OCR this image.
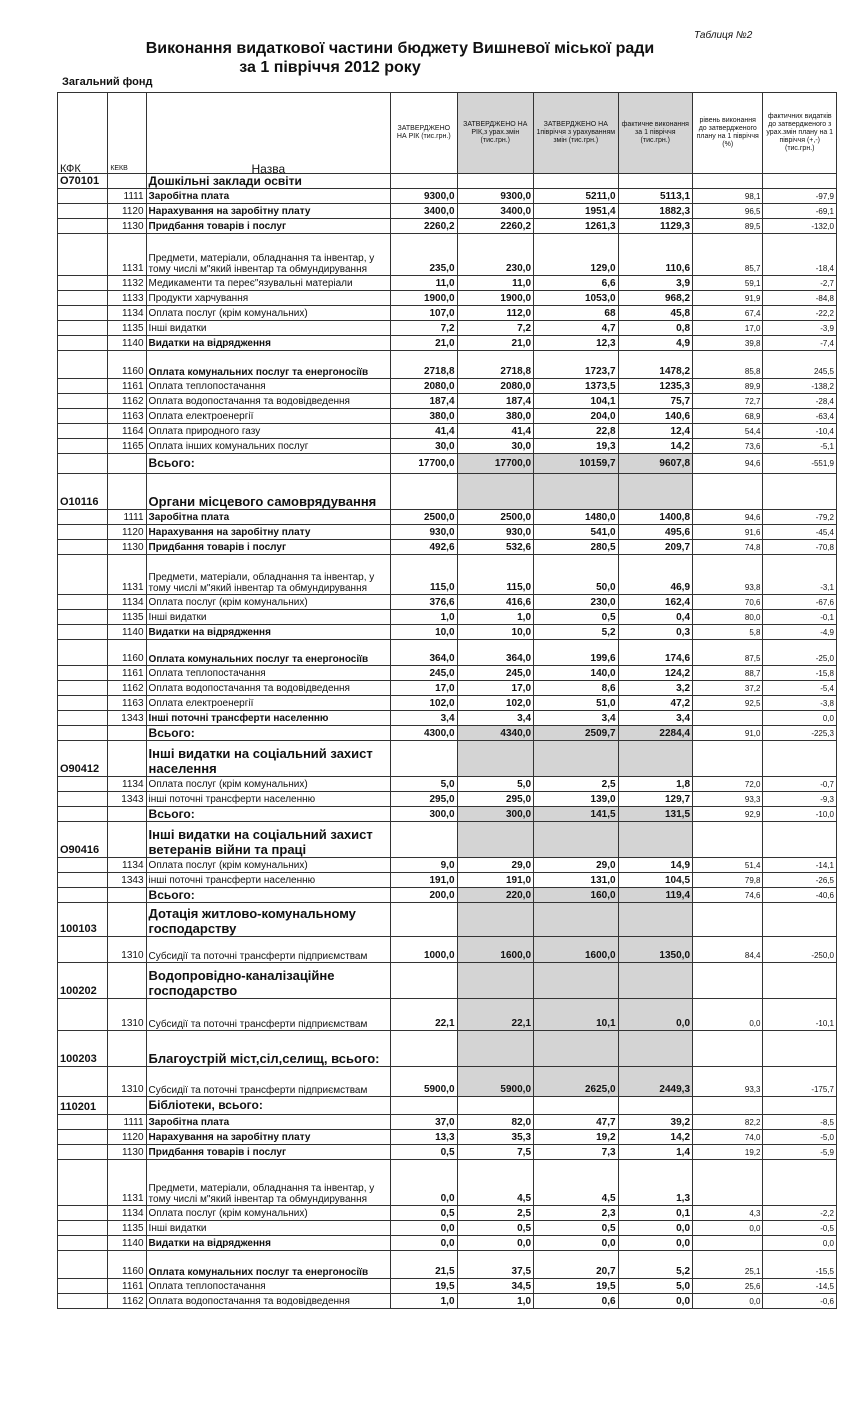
Таблиця №2
Виконання видаткової частини бюджету Вишневої міської ради
за 1 півріччя 2012 року
Загальний фонд
КФК	КЕКВ	Назва	ЗАТВЕРДЖЕНО НА РІК (тис.грн.)	ЗАТВЕРДЖЕНО НА РІК,з урах.змін (тис.грн.)	ЗАТВЕРДЖЕНО НА 1півріччя з урахуванням змін (тис.грн.)	фактичне виконання за 1 півріччя (тис.грн.)	рівень виконання до затвердженого плану на 1 півріччя (%)	фактичних видатків до затвердженого з урах.змін плану на 1 півріччя (+,-) (тис.грн.)
О70101		Дошкільні заклади освіти						
	1111	Заробітна плата	9300,0	9300,0	5211,0	5113,1	98,1	-97,9
	1120	Нарахування на заробітну плату	3400,0	3400,0	1951,4	1882,3	96,5	-69,1
	1130	Придбання товарів і послуг	2260,2	2260,2	1261,3	1129,3	89,5	-132,0
	1131	Предмети, матеріали, обладнання та інвентар, у тому числі м"який інвентар та обмундирування	235,0	230,0	129,0	110,6	85,7	-18,4
	1132	Медикаменти та переє"язувальні матеріали	11,0	11,0	6,6	3,9	59,1	-2,7
	1133	Продукти харчування	1900,0	1900,0	1053,0	968,2	91,9	-84,8
	1134	Оплата послуг (крім комунальних)	107,0	112,0	68	45,8	67,4	-22,2
	1135	Інші видатки	7,2	7,2	4,7	0,8	17,0	-3,9
	1140	Видатки на відрядження	21,0	21,0	12,3	4,9	39,8	-7,4
	1160	Оплата комунальних послуг та енергоносіїв	2718,8	2718,8	1723,7	1478,2	85,8	245,5
	1161	Оплата теплопостачання	2080,0	2080,0	1373,5	1235,3	89,9	-138,2
	1162	Оплата водопостачання та водовідведення	187,4	187,4	104,1	75,7	72,7	-28,4
	1163	Оплата електроенергії	380,0	380,0	204,0	140,6	68,9	-63,4
	1164	Оплата природного газу	41,4	41,4	22,8	12,4	54,4	-10,4
	1165	Оплата інших комунальних послуг	30,0	30,0	19,3	14,2	73,6	-5,1
		Всього:	17700,0	17700,0	10159,7	9607,8	94,6	-551,9
О10116		Органи місцевого самоврядування						
	1111	Заробітна плата	2500,0	2500,0	1480,0	1400,8	94,6	-79,2
	1120	Нарахування на заробітну плату	930,0	930,0	541,0	495,6	91,6	-45,4
	1130	Придбання товарів і послуг	492,6	532,6	280,5	209,7	74,8	-70,8
	1131	Предмети, матеріали, обладнання та інвентар, у тому числі м"який інвентар та обмундирування	115,0	115,0	50,0	46,9	93,8	-3,1
	1134	Оплата послуг (крім комунальних)	376,6	416,6	230,0	162,4	70,6	-67,6
	1135	Інші видатки	1,0	1,0	0,5	0,4	80,0	-0,1
	1140	Видатки на відрядження	10,0	10,0	5,2	0,3	5,8	-4,9
	1160	Оплата комунальних послуг та енергоносіїв	364,0	364,0	199,6	174,6	87,5	-25,0
	1161	Оплата теплопостачання	245,0	245,0	140,0	124,2	88,7	-15,8
	1162	Оплата водопостачання та водовідведення	17,0	17,0	8,6	3,2	37,2	-5,4
	1163	Оплата електроенергії	102,0	102,0	51,0	47,2	92,5	-3,8
	1343	Інші поточні трансферти населенню	3,4	3,4	3,4	3,4		0,0
		Всього:	4300,0	4340,0	2509,7	2284,4	91,0	-225,3
О90412		Інші видатки на соціальний захист населення						
	1134	Оплата послуг (крім комунальних)	5,0	5,0	2,5	1,8	72,0	-0,7
	1343	інші поточні трансферти населенню	295,0	295,0	139,0	129,7	93,3	-9,3
		Всього:	300,0	300,0	141,5	131,5	92,9	-10,0
О90416		Інші видатки на соціальний захист ветеранів війни та праці						
	1134	Оплата послуг (крім комунальних)	9,0	29,0	29,0	14,9	51,4	-14,1
	1343	інші поточні трансферти населенню	191,0	191,0	131,0	104,5	79,8	-26,5
		Всього:	200,0	220,0	160,0	119,4	74,6	-40,6
100103		Дотація житлово-комунальному господарству						
	1310	Субсидії та поточні трансферти підприємствам	1000,0	1600,0	1600,0	1350,0	84,4	-250,0
100202		Водопровідно-каналізаційне господарство						
	1310	Субсидії та поточні трансферти підприємствам	22,1	22,1	10,1	0,0	0,0	-10,1
100203		Благоустрій міст,сіл,селищ, всього:						
	1310	Субсидії та поточні трансферти підприємствам	5900,0	5900,0	2625,0	2449,3	93,3	-175,7
110201		Бібліотеки, всього:						
	1111	Заробітна плата	37,0	82,0	47,7	39,2	82,2	-8,5
	1120	Нарахування на заробітну плату	13,3	35,3	19,2	14,2	74,0	-5,0
	1130	Придбання товарів і послуг	0,5	7,5	7,3	1,4	19,2	-5,9
	1131	Предмети, матеріали, обладнання та інвентар, у тому числі м"який інвентар та обмундирування	0,0	4,5	4,5	1,3		
	1134	Оплата послуг (крім комунальних)	0,5	2,5	2,3	0,1	4,3	-2,2
	1135	Інші видатки	0,0	0,5	0,5	0,0	0,0	-0,5
	1140	Видатки на відрядження	0,0	0,0	0,0	0,0		0,0
	1160	Оплата комунальних послуг та енергоносіїв	21,5	37,5	20,7	5,2	25,1	-15,5
	1161	Оплата теплопостачання	19,5	34,5	19,5	5,0	25,6	-14,5
	1162	Оплата водопостачання та водовідведення	1,0	1,0	0,6	0,0	0,0	-0,6
